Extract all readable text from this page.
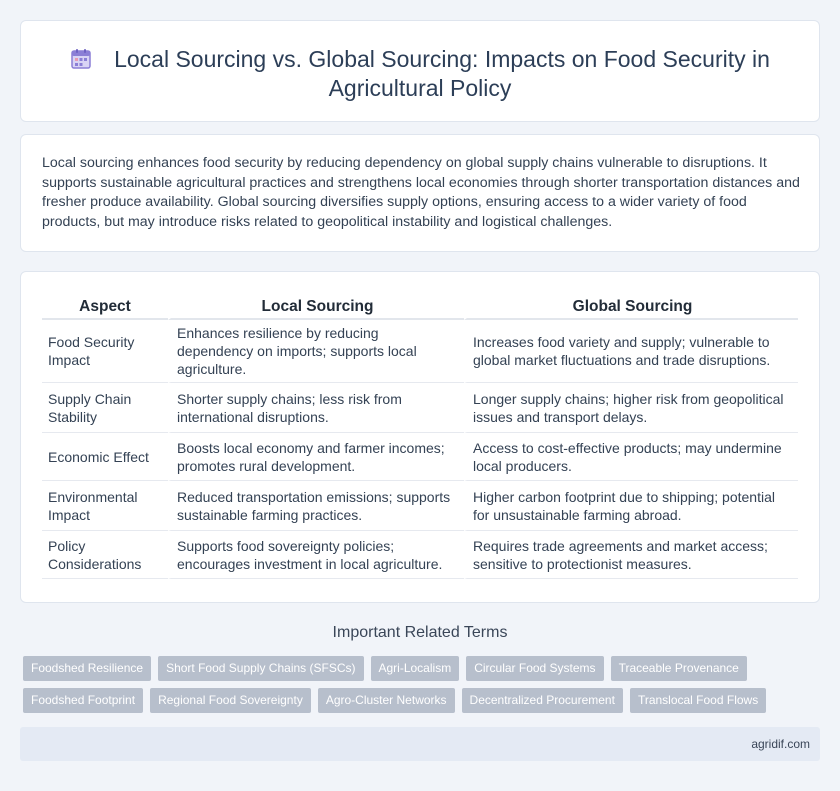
Local Sourcing vs. Global Sourcing: Impacts on Food Security in Agricultural Policy

Local sourcing enhances food security by reducing dependency on global supply chains vulnerable to disruptions. It supports sustainable agricultural practices and strengthens local economies through shorter transportation distances and fresher produce availability. Global sourcing diversifies supply options, ensuring access to a wider variety of food products, but may introduce risks related to geopolitical instability and logistical challenges.

Aspect	Local Sourcing	Global Sourcing
Food Security Impact	Enhances resilience by reducing dependency on imports; supports local agriculture.	Increases food variety and supply; vulnerable to global market fluctuations and trade disruptions.
Supply Chain Stability	Shorter supply chains; less risk from international disruptions.	Longer supply chains; higher risk from geopolitical issues and transport delays.
Economic Effect	Boosts local economy and farmer incomes; promotes rural development.	Access to cost-effective products; may undermine local producers.
Environmental Impact	Reduced transportation emissions; supports sustainable farming practices.	Higher carbon footprint due to shipping; potential for unsustainable farming abroad.
Policy Considerations	Supports food sovereignty policies; encourages investment in local agriculture.	Requires trade agreements and market access; sensitive to protectionist measures.
Important Related Terms
Foodshed Resilience	Short Food Supply Chains (SFSCs)	Agri-Localism	Circular Food Systems	Traceable Provenance
Foodshed Footprint	Regional Food Sovereignty	Agro-Cluster Networks	Decentralized Procurement	Translocal Food Flows
agridif.com
